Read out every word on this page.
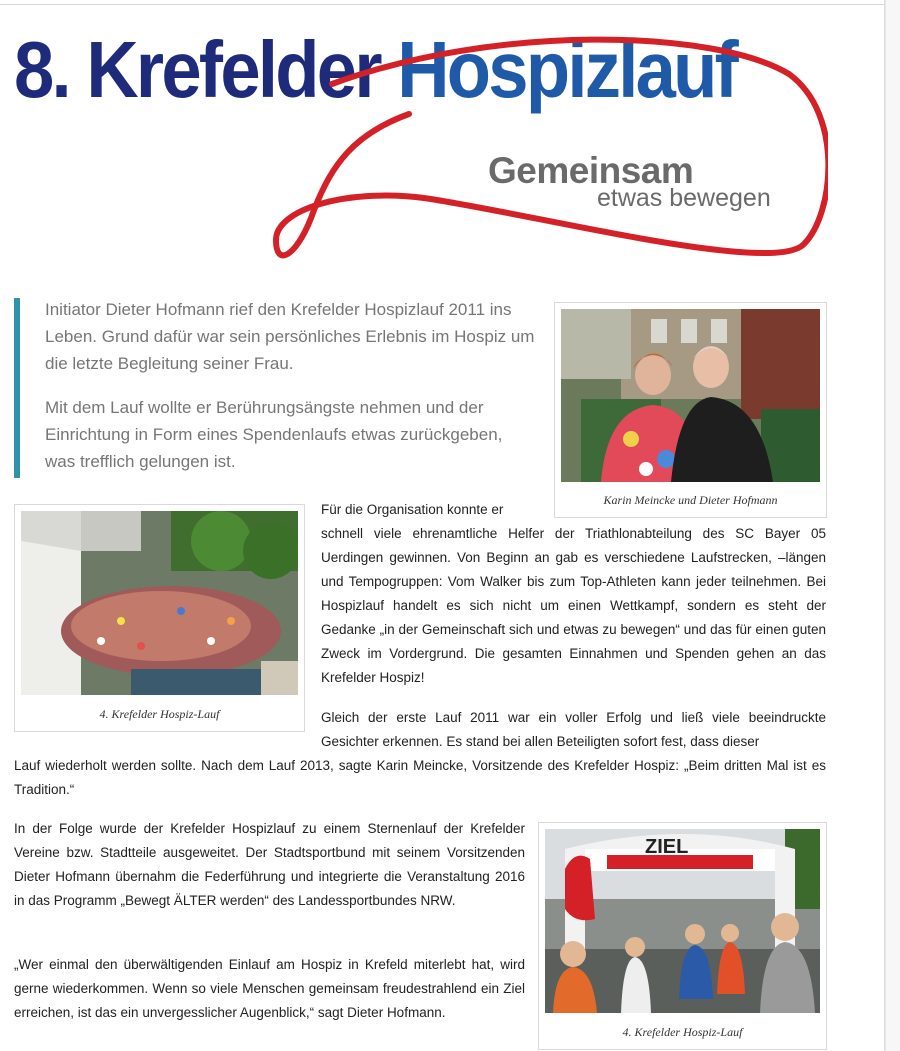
8. Krefelder Hospizlauf
Gemeinsam
etwas bewegen

Initiator Dieter Hofmann rief den Krefelder Hospizlauf 2011 ins Leben. Grund dafür war sein persönliches Erlebnis im Hospiz um die letzte Begleitung seiner Frau.

Mit dem Lauf wollte er Berührungsängste nehmen und der Einrichtung in Form eines Spendenlaufs etwas zurückgeben, was trefflich gelungen ist.

Karin Meincke und Dieter Hofmann
4. Krefelder Hospiz-Lauf
ZIEL
4. Krefelder Hospiz-Lauf

Für die Organisation konnte er

schnell viele ehrenamtliche Helfer der Triathlonabteilung des SC Bayer 05 Uerdingen gewinnen. Von Beginn an gab es verschiedene Laufstrecken, –längen und Tempogruppen: Vom Walker bis zum Top-Athleten kann jeder teilnehmen. Bei Hospizlauf handelt es sich nicht um einen Wettkampf, sondern es steht der Gedanke „in der Gemeinschaft sich und etwas zu bewegen“ und das für einen guten Zweck im Vordergrund. Die gesamten Einnahmen und Spenden gehen an das Krefelder Hospiz!

Gleich der erste Lauf 2011 war ein voller Erfolg und ließ viele beeindruckte Gesichter erkennen. Es stand bei allen Beteiligten sofort fest, dass dieser

Lauf wiederholt werden sollte. Nach dem Lauf 2013, sagte Karin Meincke, Vorsitzende des Krefelder Hospiz: „Beim dritten Mal ist es Tradition.“

In der Folge wurde der Krefelder Hospizlauf zu einem Sternenlauf der Krefelder Vereine bzw. Stadtteile ausgeweitet. Der Stadtsportbund mit seinem Vorsitzenden Dieter Hofmann übernahm die Federführung und integrierte die Veranstaltung 2016 in das Programm „Bewegt ÄLTER werden“ des Landessportbundes NRW.

„Wer einmal den überwältigenden Einlauf am Hospiz in Krefeld miterlebt hat, wird gerne wiederkommen. Wenn so viele Menschen gemeinsam freudestrahlend ein Ziel erreichen, ist das ein unvergesslicher Augenblick,“ sagt Dieter Hofmann.
